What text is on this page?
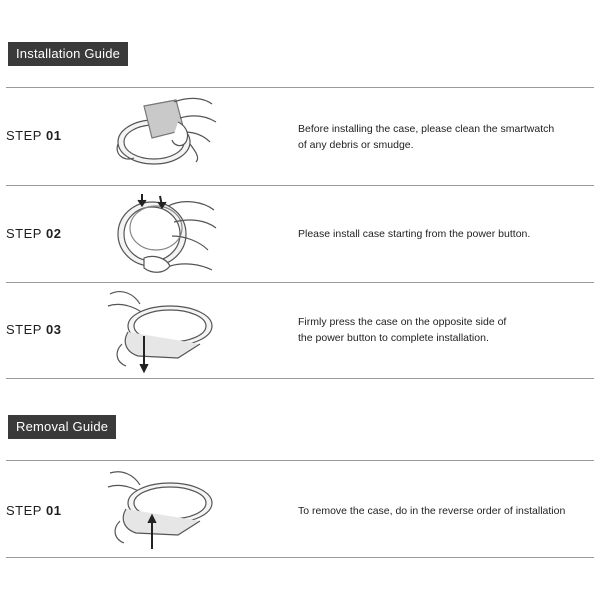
Installation Guide
STEP 01	Before installing the case, please clean the smartwatch
of any debris or smudge.
STEP 02	Please install case starting from the power button.
STEP 03	Firmly press the case on the opposite side of
the power button to complete installation.
Removal Guide
STEP 01	To remove the case, do in the reverse order of installation
